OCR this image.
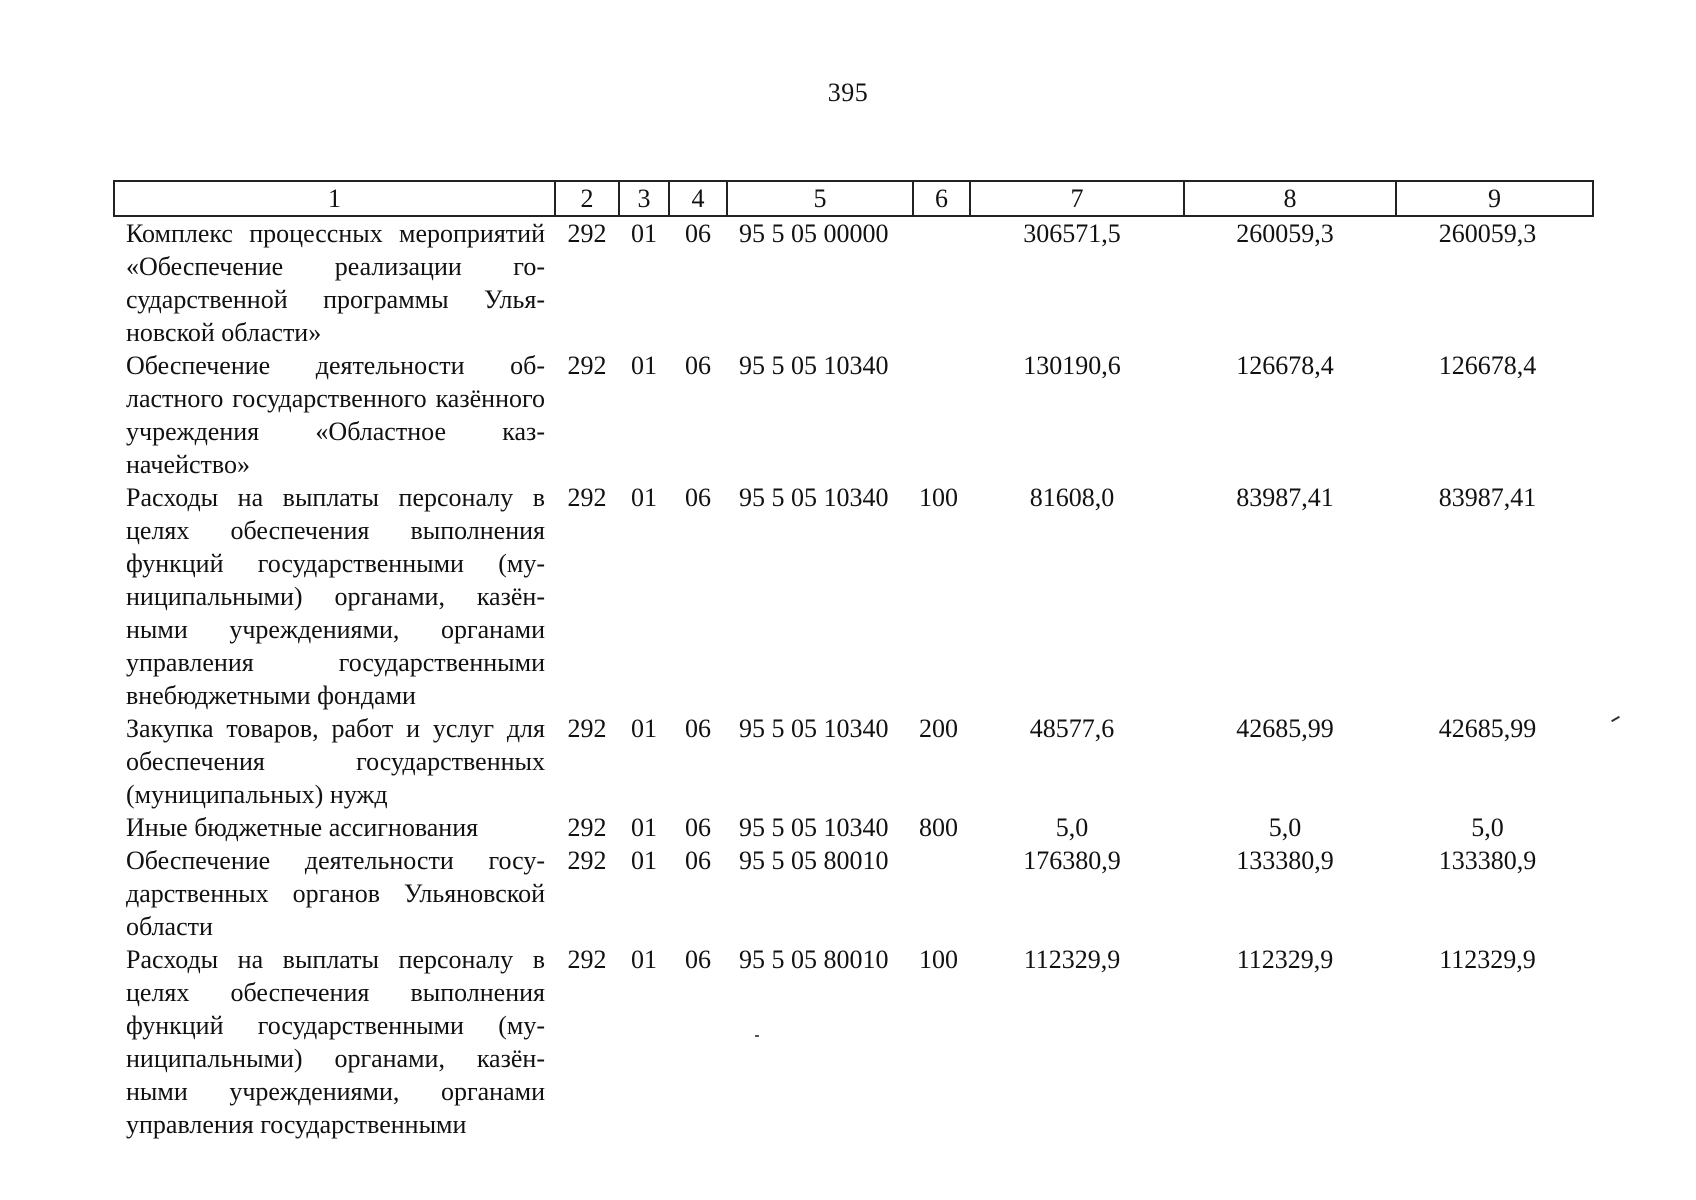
395
1	2	3	4	5	6	7	8	9
Комплекс процессных мероприятий «Обеспечение реализации государственной программы Ульяновской области»	292	01	06	95 5 05 00000		306571,5	260059,3	260059,3
Обеспечение деятельности областного государственного казённого учреждения «Областное казначейство»	292	01	06	95 5 05 10340		130190,6	126678,4	126678,4
Расходы на выплаты персоналу в целях обеспечения выполнения функций государственными (муниципальными) органами, казёнными учреждениями, органами управления государственными внебюджетными фондами	292	01	06	95 5 05 10340	100	81608,0	83987,41	83987,41
Закупка товаров, работ и услуг для обеспечения государственных (муниципальных) нужд	292	01	06	95 5 05 10340	200	48577,6	42685,99	42685,99
Иные бюджетные ассигнования	292	01	06	95 5 05 10340	800	5,0	5,0	5,0
Обеспечение деятельности государственных органов Ульяновской области	292	01	06	95 5 05 80010		176380,9	133380,9	133380,9
Расходы на выплаты персоналу в целях обеспечения выполнения функций государственными (муниципальными) органами, казёнными учреждениями, органами управления государственными	292	01	06	95 5 05 80010	100	112329,9	112329,9	112329,9
